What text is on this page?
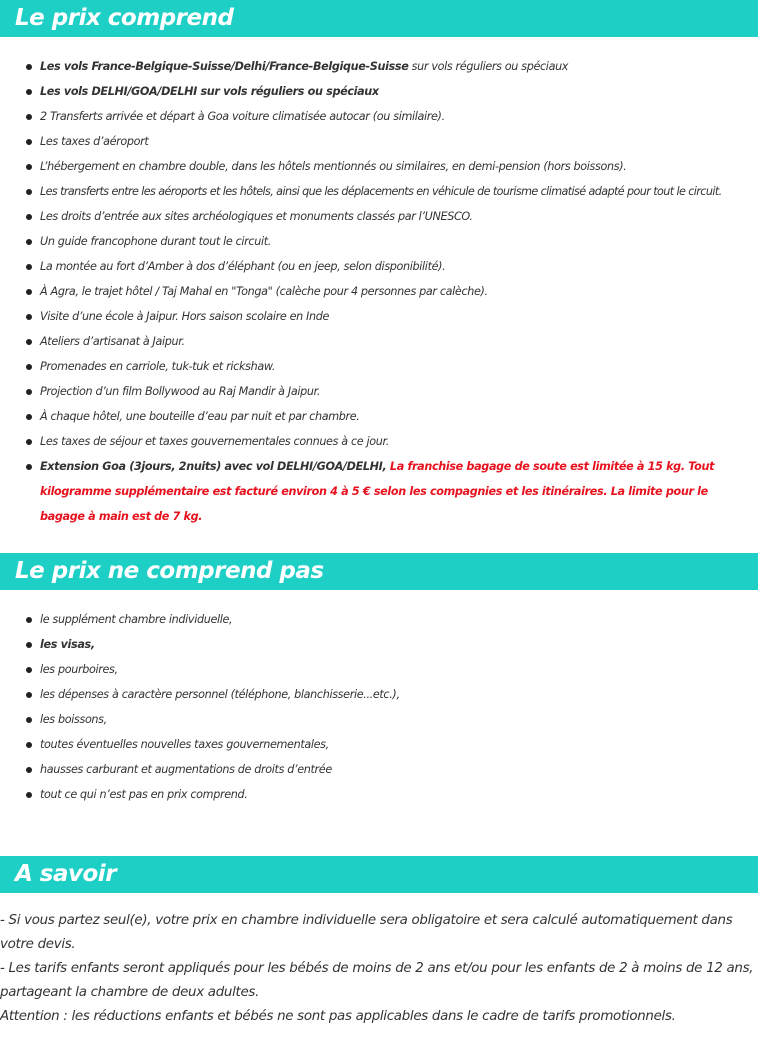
Le prix comprend
Les vols France-Belgique-Suisse/Delhi/France-Belgique-Suisse sur vols réguliers ou spéciaux
Les vols DELHI/GOA/DELHI sur vols réguliers ou spéciaux
2 Transferts arrivée et départ à Goa voiture climatisée autocar (ou similaire).
Les taxes d’aéroport
L’hébergement en chambre double, dans les hôtels mentionnés ou similaires, en demi-pension (hors boissons).
Les transferts entre les aéroports et les hôtels, ainsi que les déplacements en véhicule de tourisme climatisé adapté pour tout le circuit.
Les droits d’entrée aux sites archéologiques et monuments classés par l’UNESCO.
Un guide francophone durant tout le circuit.
La montée au fort d’Amber à dos d’éléphant (ou en jeep, selon disponibilité).
À Agra, le trajet hôtel / Taj Mahal en "Tonga" (calèche pour 4 personnes par calèche).
Visite d’une école à Jaipur. Hors saison scolaire en Inde
Ateliers d’artisanat à Jaipur.
Promenades en carriole, tuk-tuk et rickshaw.
Projection d’un film Bollywood au Raj Mandir à Jaipur.
À chaque hôtel, une bouteille d’eau par nuit et par chambre.
Les taxes de séjour et taxes gouvernementales connues à ce jour.
Extension Goa (3jours, 2nuits) avec vol DELHI/GOA/DELHI, La franchise bagage de soute est limitée à 15 kg. Tout kilogramme supplémentaire est facturé environ 4 à 5 € selon les compagnies et les itinéraires. La limite pour le bagage à main est de 7 kg.
Le prix ne comprend pas
le supplément chambre individuelle,
les visas,
les pourboires,
les dépenses à caractère personnel (téléphone, blanchisserie...etc.),
les boissons,
toutes éventuelles nouvelles taxes gouvernementales,
hausses carburant et augmentations de droits d’entrée
tout ce qui n’est pas en prix comprend.
A savoir

- Si vous partez seul(e), votre prix en chambre individuelle sera obligatoire et sera calculé automatiquement dans votre devis.

- Les tarifs enfants seront appliqués pour les bébés de moins de 2 ans et/ou pour les enfants de 2 à moins de 12 ans, partageant la chambre de deux adultes.

Attention : les réductions enfants et bébés ne sont pas applicables dans le cadre de tarifs promotionnels.
